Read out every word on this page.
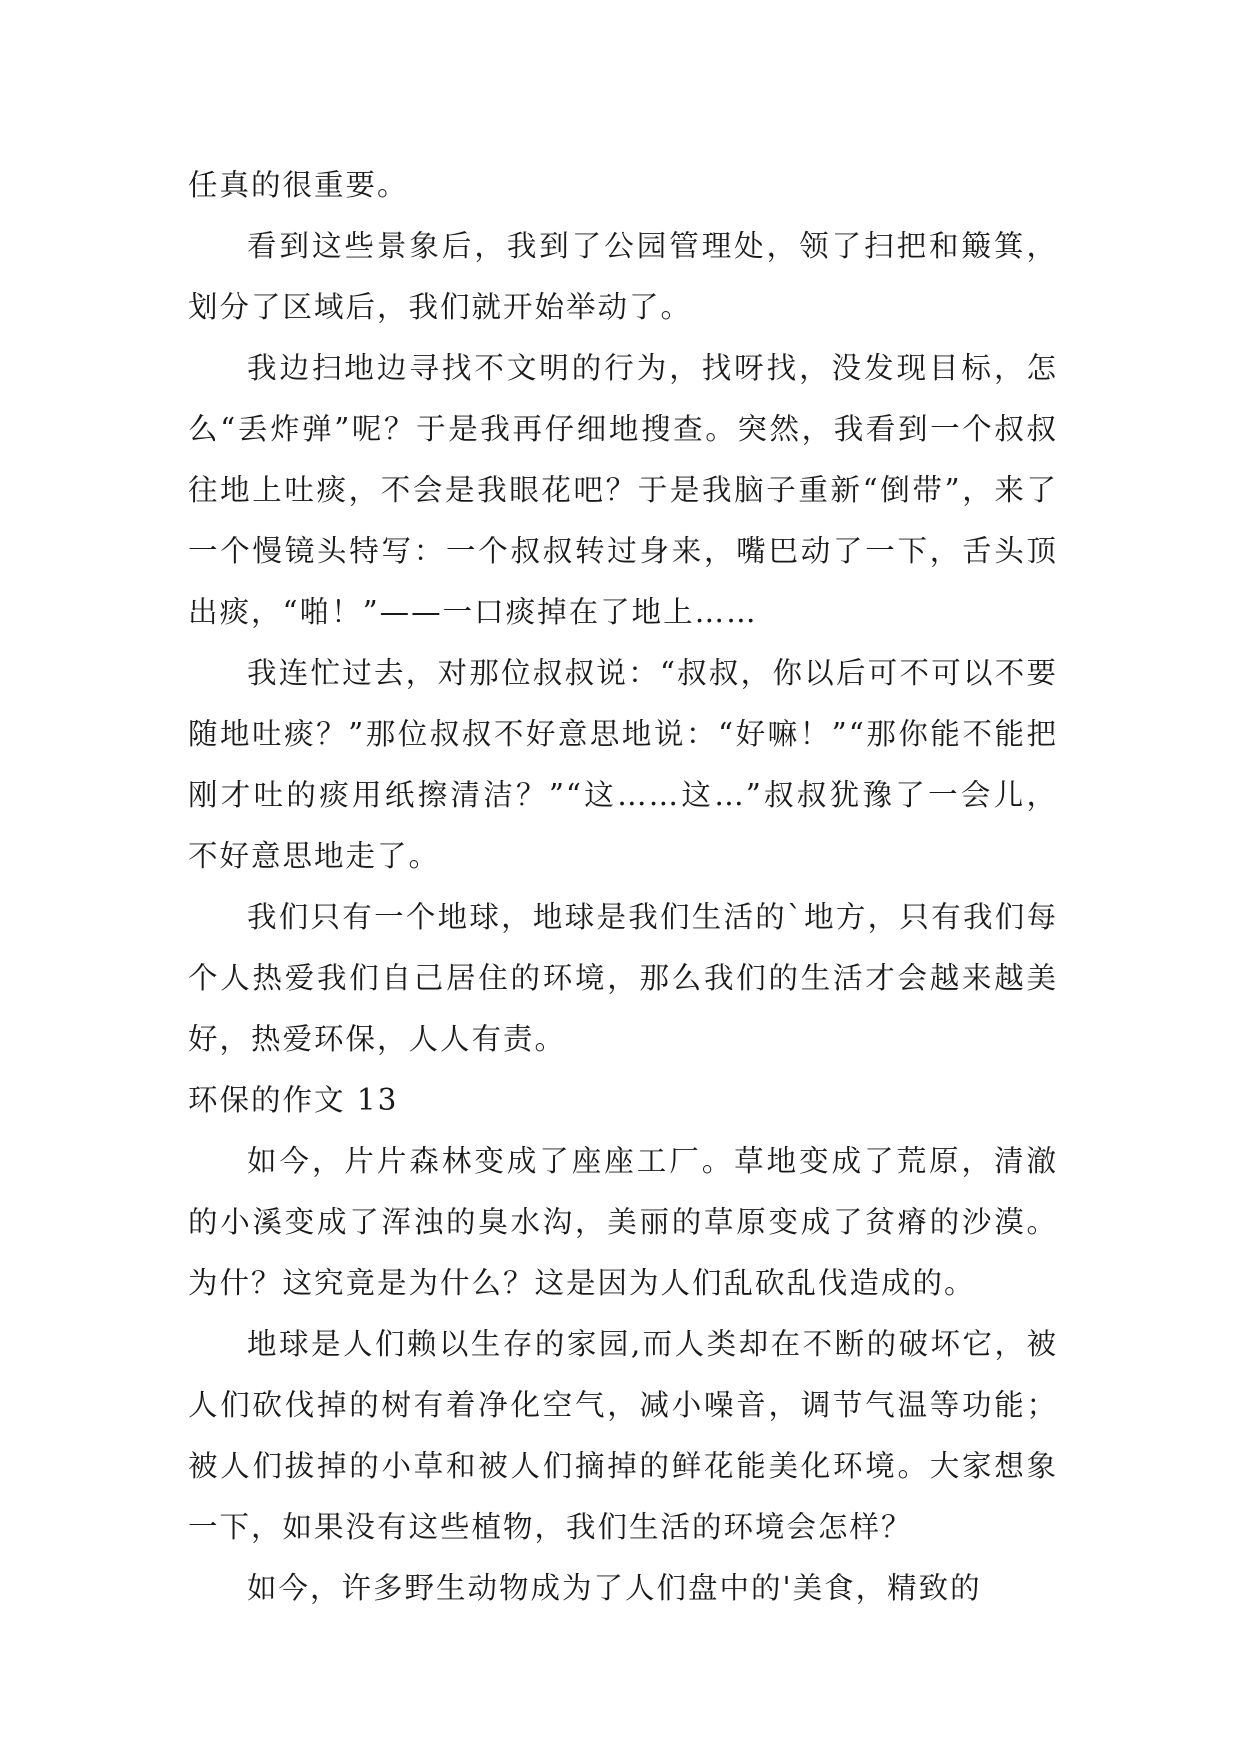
任真的很重要。

看到这些景象后，我到了公园管理处，领了扫把和簸箕，划分了区域后，我们就开始举动了。

我边扫地边寻找不文明的行为，找呀找，没发现目标，怎么“丢炸弹”呢？于是我再仔细地搜查。突然，我看到一个叔叔往地上吐痰，不会是我眼花吧？于是我脑子重新“倒带”，来了一个慢镜头特写：一个叔叔转过身来，嘴巴动了一下，舌头顶出痰，“啪！”——一口痰掉在了地上……

我连忙过去，对那位叔叔说：“叔叔，你以后可不可以不要随地吐痰？”那位叔叔不好意思地说：“好嘛！”“那你能不能把刚才吐的痰用纸擦清洁？”“这……这…”叔叔犹豫了一会儿，不好意思地走了。

我们只有一个地球，地球是我们生活的`地方，只有我们每个人热爱我们自己居住的环境，那么我们的生活才会越来越美好，热爱环保，人人有责。

环保的作文 13

如今，片片森林变成了座座工厂。草地变成了荒原，清澈的小溪变成了浑浊的臭水沟，美丽的草原变成了贫瘠的沙漠。为什？这究竟是为什么？这是因为人们乱砍乱伐造成的。

地球是人们赖以生存的家园,而人类却在不断的破坏它，被人们砍伐掉的树有着净化空气，减小噪音，调节气温等功能；被人们拔掉的小草和被人们摘掉的鲜花能美化环境。大家想象一下，如果没有这些植物，我们生活的环境会怎样？

如今，许多野生动物成为了人们盘中的'美食，精致的
